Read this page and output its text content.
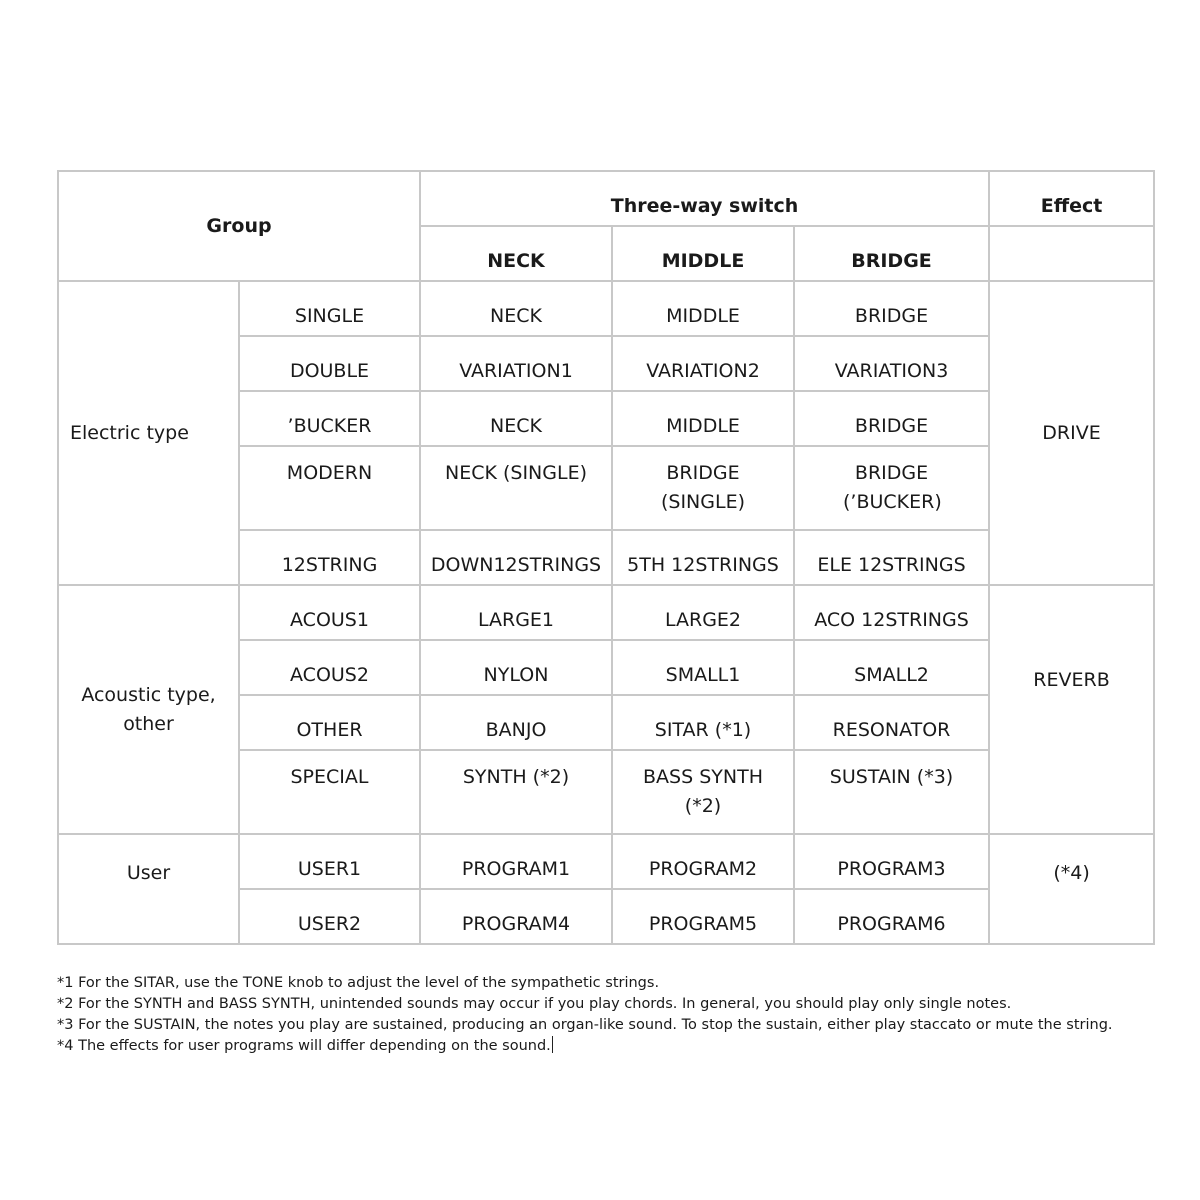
Group		Three-way switch			Effect
		NECK	MIDDLE	BRIDGE	
Electric type	SINGLE	NECK	MIDDLE	BRIDGE	DRIVE
	DOUBLE	VARIATION1	VARIATION2	VARIATION3	
	’BUCKER	NECK	MIDDLE	BRIDGE	
	MODERN	NECK (SINGLE)	BRIDGE (SINGLE)	BRIDGE (’BUCKER)	
	12STRING	DOWN12STRINGS	5TH 12STRINGS	ELE 12STRINGS	
Acoustic type, other	ACOUS1	LARGE1	LARGE2	ACO 12STRINGS	REVERB
	ACOUS2	NYLON	SMALL1	SMALL2	
	OTHER	BANJO	SITAR (*1)	RESONATOR	
	SPECIAL	SYNTH (*2)	BASS SYNTH (*2)	SUSTAIN (*3)	
User	USER1	PROGRAM1	PROGRAM2	PROGRAM3	(*4)
	USER2	PROGRAM4	PROGRAM5	PROGRAM6	
*1 For the SITAR, use the TONE knob to adjust the level of the sympathetic strings.
*2 For the SYNTH and BASS SYNTH, unintended sounds may occur if you play chords. In general, you should play only single notes.
*3 For the SUSTAIN, the notes you play are sustained, producing an organ-like sound. To stop the sustain, either play staccato or mute the string.
*4 The effects for user programs will differ depending on the sound.
